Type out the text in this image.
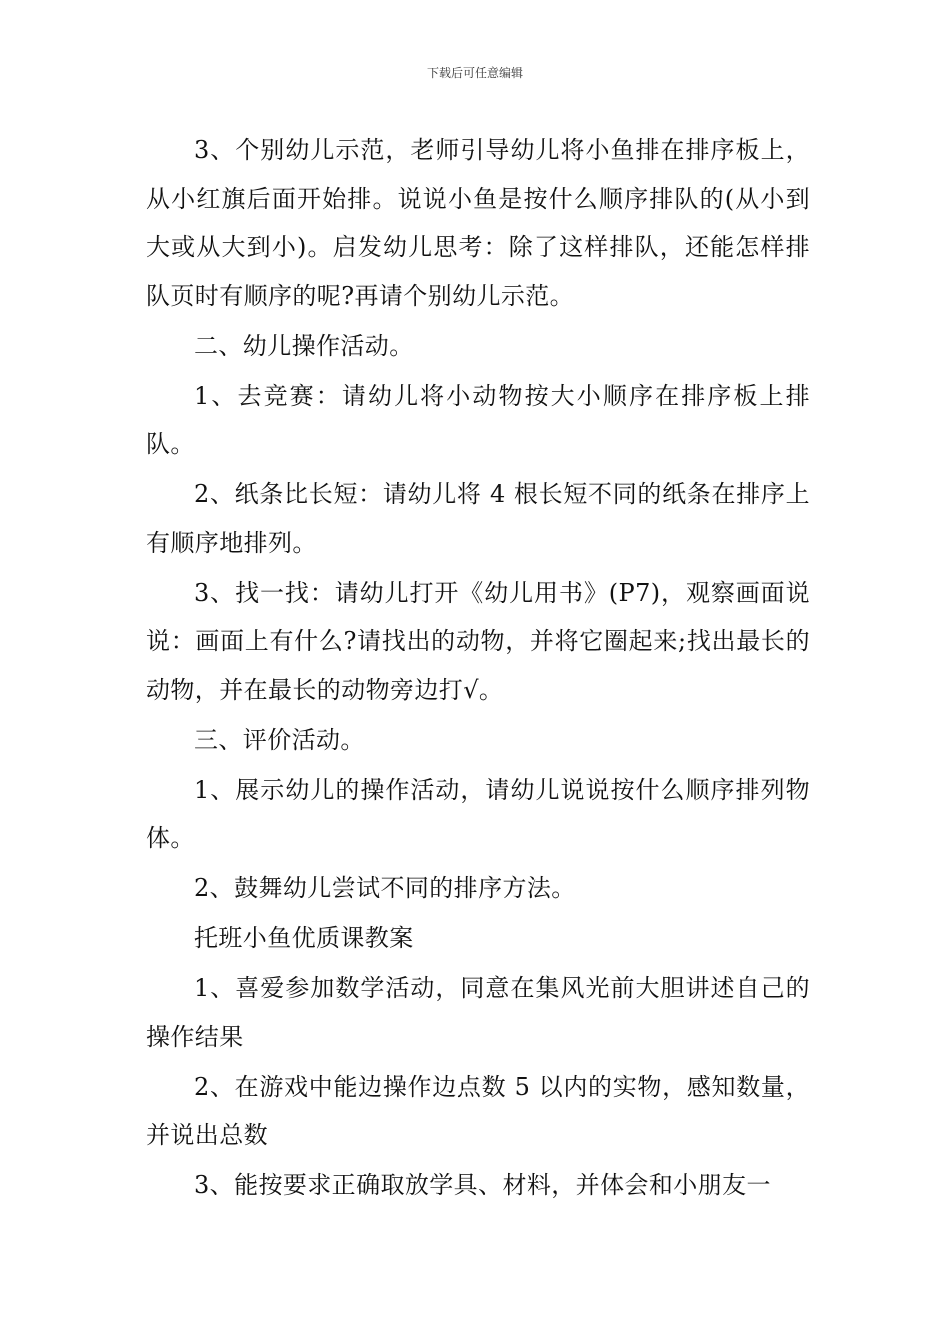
下载后可任意编辑

3、个别幼儿示范，老师引导幼儿将小鱼排在排序板上，从小红旗后面开始排。说说小鱼是按什么顺序排队的(从小到大或从大到小)。启发幼儿思考：除了这样排队，还能怎样排队页时有顺序的呢?再请个别幼儿示范。

二、幼儿操作活动。

1、去竞赛：请幼儿将小动物按大小顺序在排序板上排队。

2、纸条比长短：请幼儿将 4 根长短不同的纸条在排序上有顺序地排列。

3、找一找：请幼儿打开《幼儿用书》(P7)，观察画面说说：画面上有什么?请找出的动物，并将它圈起来;找出最长的动物，并在最长的动物旁边打√。

三、评价活动。

1、展示幼儿的操作活动，请幼儿说说按什么顺序排列物体。

2、鼓舞幼儿尝试不同的排序方法。

托班小鱼优质课教案

1、喜爱参加数学活动，同意在集风光前大胆讲述自己的操作结果

2、在游戏中能边操作边点数 5 以内的实物，感知数量，并说出总数

3、能按要求正确取放学具、材料，并体会和小朋友一
